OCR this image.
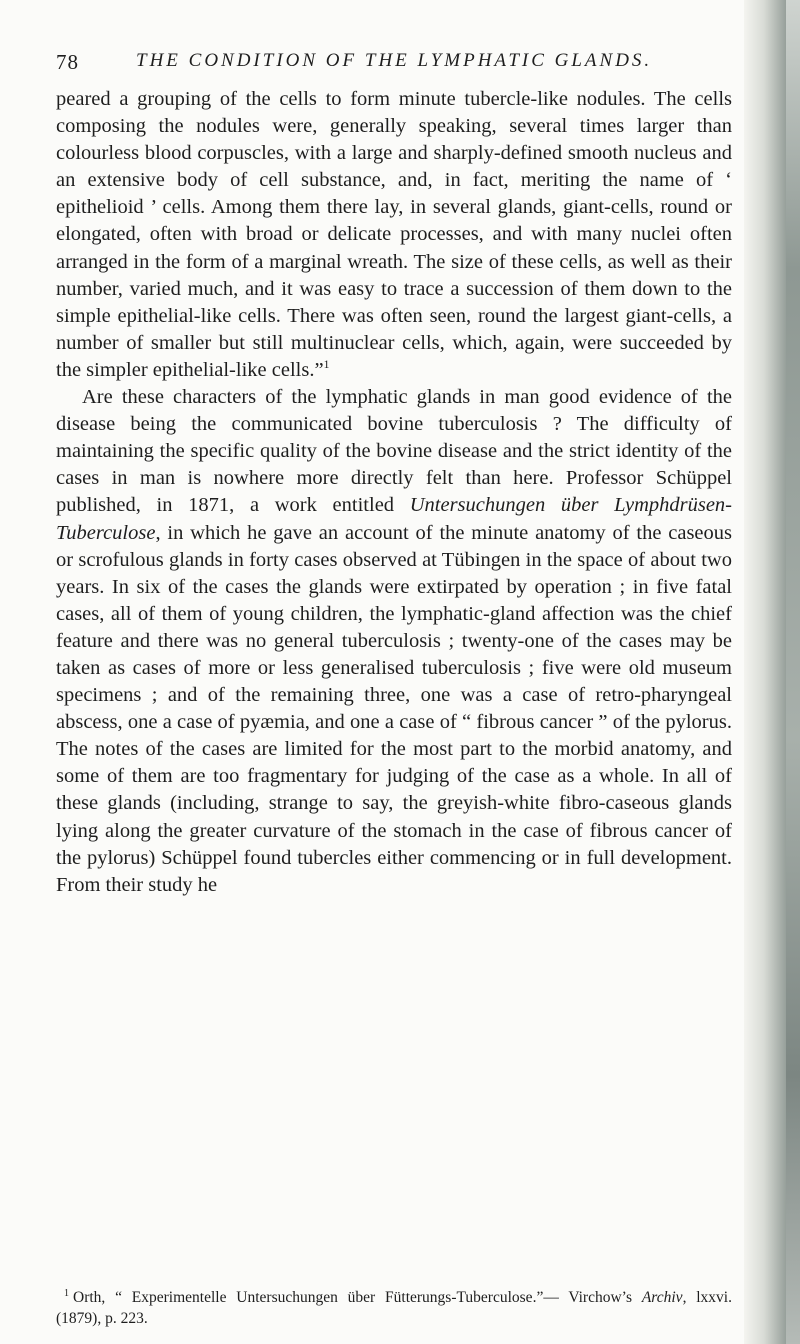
78	THE CONDITION OF THE LYMPHATIC GLANDS.

peared a grouping of the cells to form minute tubercle-like nodules. The cells composing the nodules were, generally speaking, several times larger than colourless blood corpuscles, with a large and sharply-defined smooth nucleus and an extensive body of cell substance, and, in fact, meriting the name of ‘ epithelioid ’ cells. Among them there lay, in several glands, giant-cells, round or elongated, often with broad or delicate processes, and with many nuclei often arranged in the form of a marginal wreath. The size of these cells, as well as their number, varied much, and it was easy to trace a succession of them down to the simple epithelial-like cells. There was often seen, round the largest giant-cells, a number of smaller but still multinuclear cells, which, again, were succeeded by the simpler epithelial-like cells.”$^1$

Are these characters of the lymphatic glands in man good evidence of the disease being the communicated bovine tuberculosis ? The difficulty of maintaining the specific quality of the bovine disease and the strict identity of the cases in man is nowhere more directly felt than here. Professor Schüppel published, in 1871, a work entitled Untersuchungen über Lymphdrüsen-Tuberculose, in which he gave an account of the minute anatomy of the caseous or scrofulous glands in forty cases observed at Tübingen in the space of about two years. In six of the cases the glands were extirpated by operation ; in five fatal cases, all of them of young children, the lymphatic-gland affection was the chief feature and there was no general tuberculosis ; twenty-one of the cases may be taken as cases of more or less generalised tuberculosis ; five were old museum specimens ; and of the remaining three, one was a case of retro-pharyngeal abscess, one a case of pyæmia, and one a case of “ fibrous cancer ” of the pylorus. The notes of the cases are limited for the most part to the morbid anatomy, and some of them are too fragmentary for judging of the case as a whole. In all of these glands (including, strange to say, the greyish-white fibro-caseous glands lying along the greater curvature of the stomach in the case of fibrous cancer of the pylorus) Schüppel found tubercles either commencing or in full development. From their study he

$^1$ Orth, “ Experimentelle Untersuchungen über Fütterungs-Tuberculose.”— Virchow’s Archiv, lxxvi. (1879), p. 223.
